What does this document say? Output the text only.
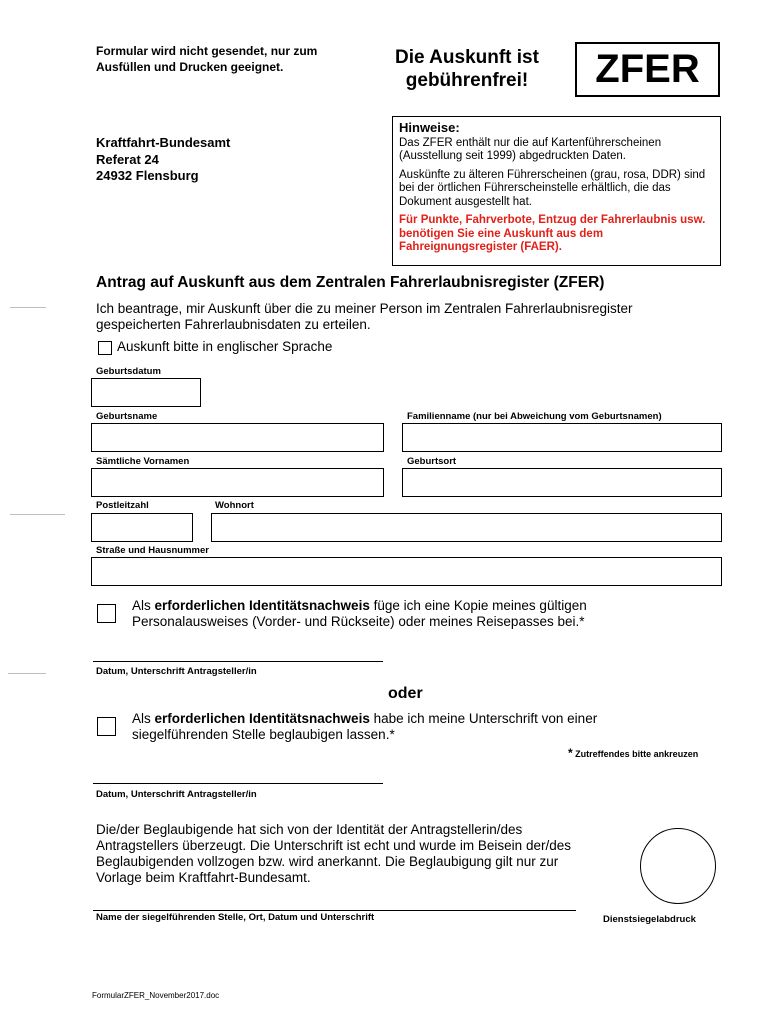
Formular wird nicht gesendet, nur zum Ausfüllen und Drucken geeignet.	Die Auskunft ist
gebührenfrei!	ZFER
Kraftfahrt-Bundesamt
Referat 24
24932 Flensburg
Hinweise:

Das ZFER enthält nur die auf Kartenführerscheinen (Ausstellung seit 1999) abgedruckten Daten.

Auskünfte zu älteren Führerscheinen (grau, rosa, DDR) sind bei der örtlichen Führerscheinstelle erhältlich, die das Dokument ausgestellt hat.

Für Punkte, Fahrverbote, Entzug der Fahrerlaubnis usw. benötigen Sie eine Auskunft aus dem Fahreignungsregister (FAER).

Antrag auf Auskunft aus dem Zentralen Fahrerlaubnisregister (ZFER)
Ich beantrage, mir Auskunft über die zu meiner Person im Zentralen Fahrerlaubnisregister gespeicherten Fahrerlaubnisdaten zu erteilen.
Auskunft bitte in englischer Sprache
Geburtsdatum
Geburtsname	Familienname (nur bei Abweichung vom Geburtsnamen)
Sämtliche Vornamen	Geburtsort
Postleitzahl	Wohnort
Straße und Hausnummer
Als erforderlichen Identitätsnachweis füge ich eine Kopie meines gültigen Personalausweises (Vorder- und Rückseite) oder meines Reisepasses bei.*
Datum, Unterschrift Antragsteller/in
oder
Als erforderlichen Identitätsnachweis habe ich meine Unterschrift von einer siegelführenden Stelle beglaubigen lassen.*
* Zutreffendes bitte ankreuzen
Datum, Unterschrift Antragsteller/in
Die/der Beglaubigende hat sich von der Identität der Antragstellerin/des Antragstellers überzeugt. Die Unterschrift ist echt und wurde im Beisein der/des Beglaubigenden vollzogen bzw. wird anerkannt. Die Beglaubigung gilt nur zur Vorlage beim Kraftfahrt-Bundesamt.
Name der siegelführenden Stelle, Ort, Datum und Unterschrift	Dienstsiegelabdruck
FormularZFER_November2017.doc
